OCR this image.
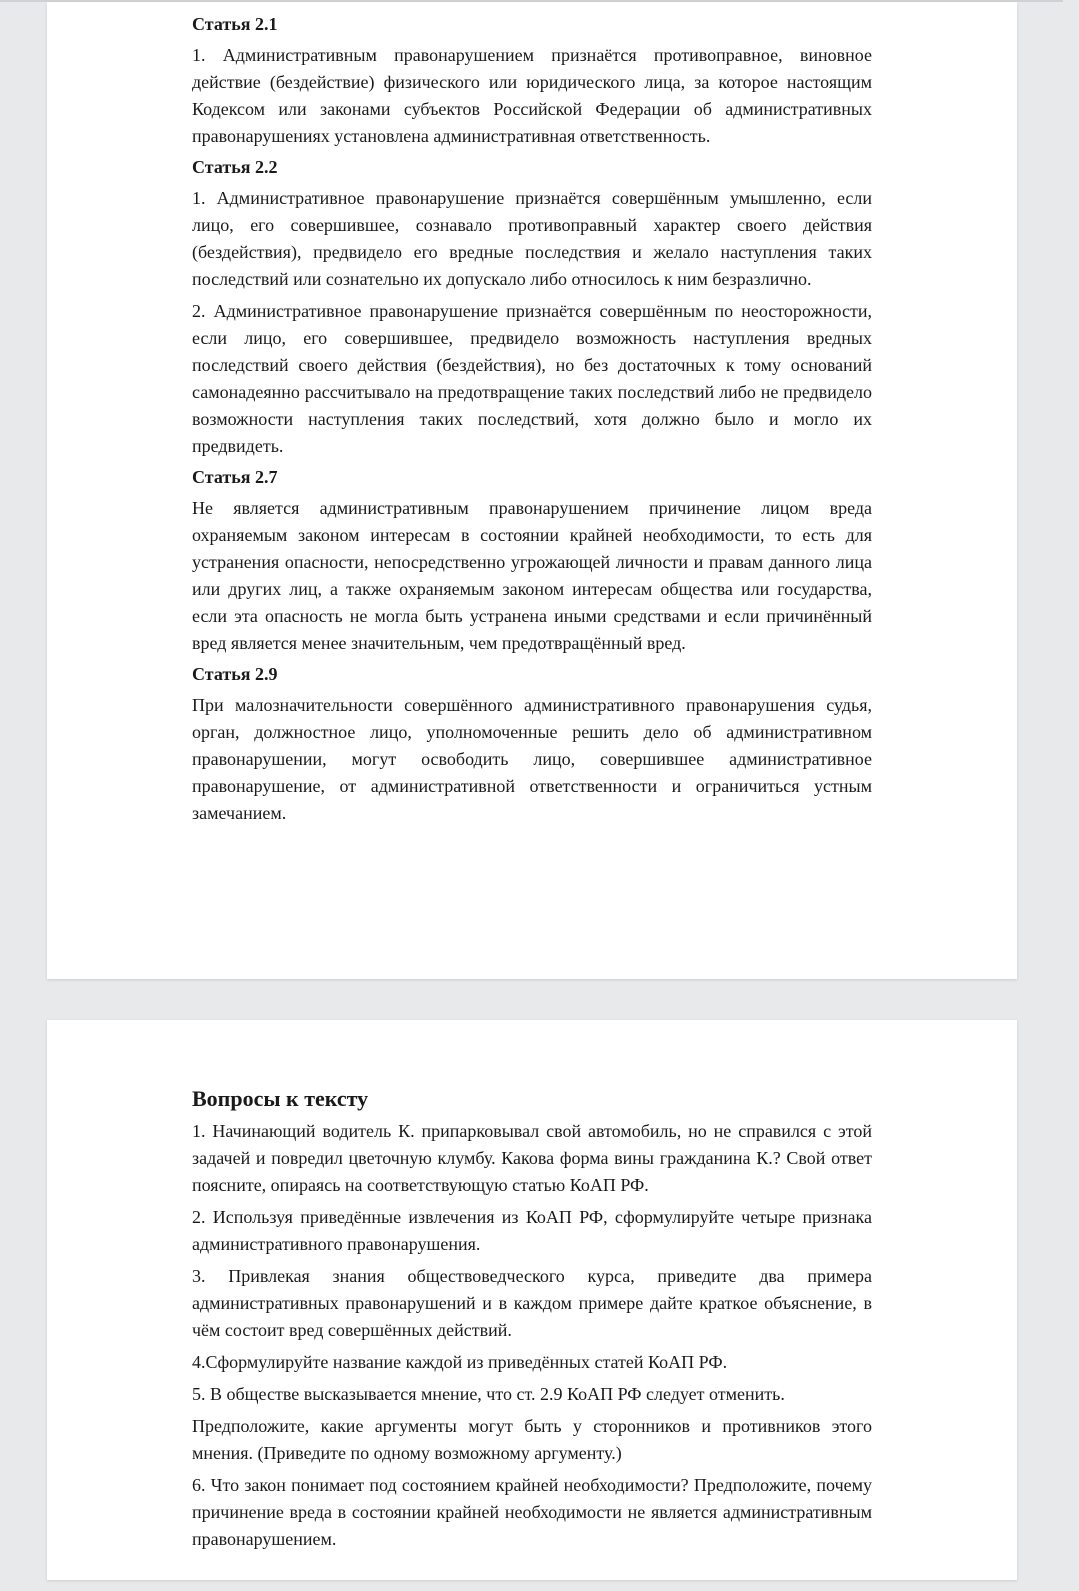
Статья 2.1

1. Административным правонарушением признаётся противоправное, виновное действие (бездействие) физического или юридического лица, за которое настоящим Кодексом или законами субъектов Российской Федерации об административных правонарушениях установлена административная ответственность.

Статья 2.2

1. Административное правонарушение признаётся совершённым умышленно, если лицо, его совершившее, сознавало противоправный характер своего действия (бездействия), предвидело его вредные последствия и желало наступления таких последствий или сознательно их допускало либо относилось к ним безразлично.

2. Административное правонарушение признаётся совершённым по неосторожности, если лицо, его совершившее, предвидело возможность наступления вредных последствий своего действия (бездействия), но без достаточных к тому оснований самонадеянно рассчитывало на предотвращение таких последствий либо не предвидело возможности наступления таких последствий, хотя должно было и могло их предвидеть.

Статья 2.7

Не является административным правонарушением причинение лицом вреда охраняемым законом интересам в состоянии крайней необходимости, то есть для устранения опасности, непосредственно угрожающей личности и правам данного лица или других лиц, а также охраняемым законом интересам общества или государства, если эта опасность не могла быть устранена иными средствами и если причинённый вред является менее значительным, чем предотвращённый вред.

Статья 2.9

При малозначительности совершённого административного правонарушения судья, орган, должностное лицо, уполномоченные решить дело об административном правонарушении, могут освободить лицо, совершившее административное правонарушение, от административной ответственности и ограничиться устным замечанием.

Вопросы к тексту

1. Начинающий водитель К. припарковывал свой автомобиль, но не справился с этой задачей и повредил цветочную клумбу. Какова форма вины гражданина К.? Свой ответ поясните, опираясь на соответствующую статью КоАП РФ.

2. Используя приведённые извлечения из КоАП РФ, сформулируйте четыре признака административного правонарушения.

3. Привлекая знания обществоведческого курса, приведите два примера административных правонарушений и в каждом примере дайте краткое объяснение, в чём состоит вред совершённых действий.

4.Сформулируйте название каждой из приведённых статей КоАП РФ.

5. В обществе высказывается мнение, что ст. 2.9 КоАП РФ следует отменить.

Предположите, какие аргументы могут быть у сторонников и противников этого мнения. (Приведите по одному возможному аргументу.)

6. Что закон понимает под состоянием крайней необходимости? Предположите, почему причинение вреда в состоянии крайней необходимости не является административным правонарушением.
